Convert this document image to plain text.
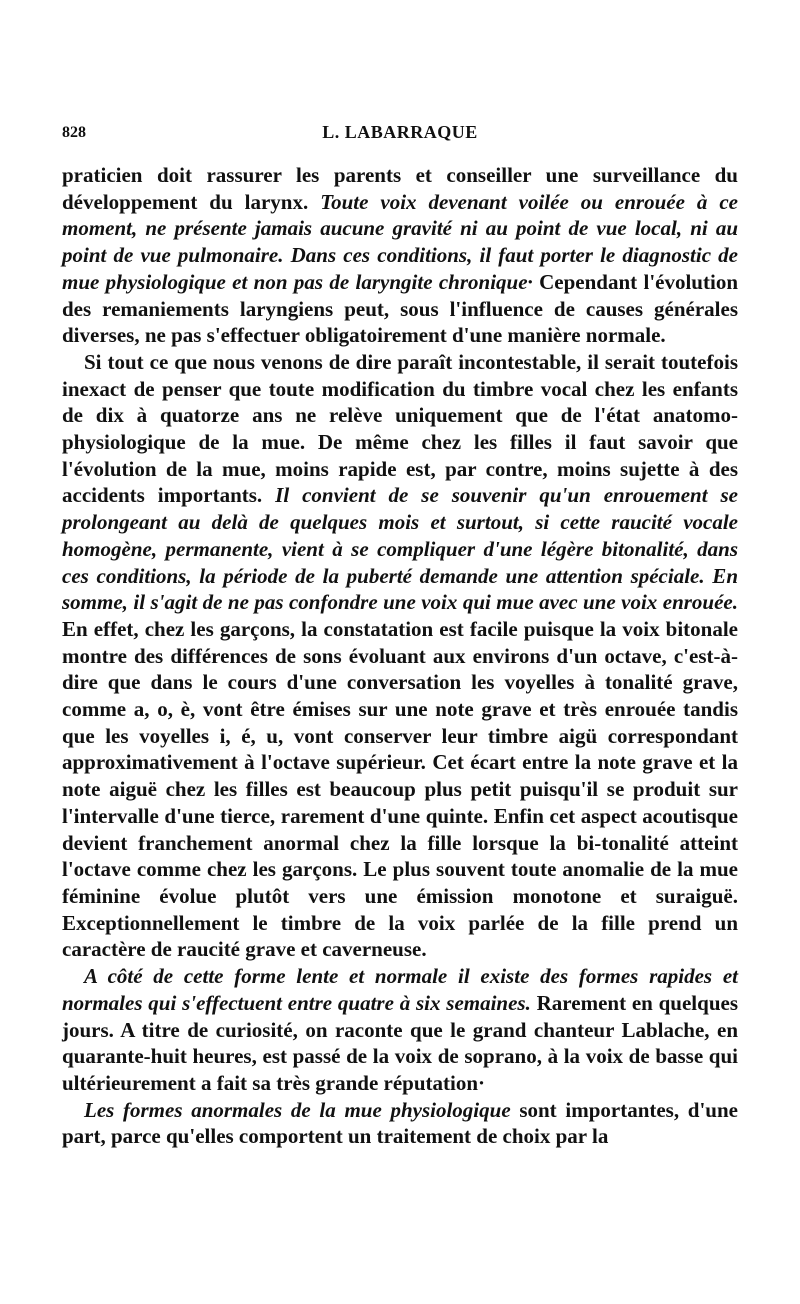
828	L. LABARRAQUE

praticien doit rassurer les parents et conseiller une surveillance du développement du larynx. Toute voix devenant voilée ou enrouée à ce moment, ne présente jamais aucune gravité ni au point de vue local, ni au point de vue pulmonaire. Dans ces conditions, il faut porter le diagnostic de mue physiologique et non pas de laryngite chronique· Cependant l'évolution des remaniements laryngiens peut, sous l'influence de causes générales diverses, ne pas s'effectuer obligatoirement d'une manière normale.

Si tout ce que nous venons de dire paraît incontestable, il serait toutefois inexact de penser que toute modification du timbre vocal chez les enfants de dix à quatorze ans ne relève uniquement que de l'état anatomo-physiologique de la mue. De même chez les filles il faut savoir que l'évolution de la mue, moins rapide est, par contre, moins sujette à des accidents importants. Il convient de se souvenir qu'un enrouement se prolongeant au delà de quelques mois et surtout, si cette raucité vocale homogène, permanente, vient à se compliquer d'une légère bitonalité, dans ces conditions, la période de la puberté demande une attention spéciale. En somme, il s'agit de ne pas confondre une voix qui mue avec une voix enrouée. En effet, chez les garçons, la constatation est facile puisque la voix bitonale montre des différences de sons évoluant aux environs d'un octave, c'est-à-dire que dans le cours d'une conversation les voyelles à tonalité grave, comme a, o, è, vont être émises sur une note grave et très enrouée tandis que les voyelles i, é, u, vont conserver leur timbre aigü correspondant approximativement à l'octave supérieur. Cet écart entre la note grave et la note aiguë chez les filles est beaucoup plus petit puisqu'il se produit sur l'intervalle d'une tierce, rarement d'une quinte. Enfin cet aspect acoutisque devient franchement anormal chez la fille lorsque la bi-tonalité atteint l'octave comme chez les garçons. Le plus souvent toute anomalie de la mue féminine évolue plutôt vers une émission monotone et suraiguë. Exceptionnellement le timbre de la voix parlée de la fille prend un caractère de raucité grave et caverneuse.

A côté de cette forme lente et normale il existe des formes rapides et normales qui s'effectuent entre quatre à six semaines. Rarement en quelques jours. A titre de curiosité, on raconte que le grand chanteur Lablache, en quarante-huit heures, est passé de la voix de soprano, à la voix de basse qui ultérieurement a fait sa très grande réputation·

Les formes anormales de la mue physiologique sont importantes, d'une part, parce qu'elles comportent un traitement de choix par la
